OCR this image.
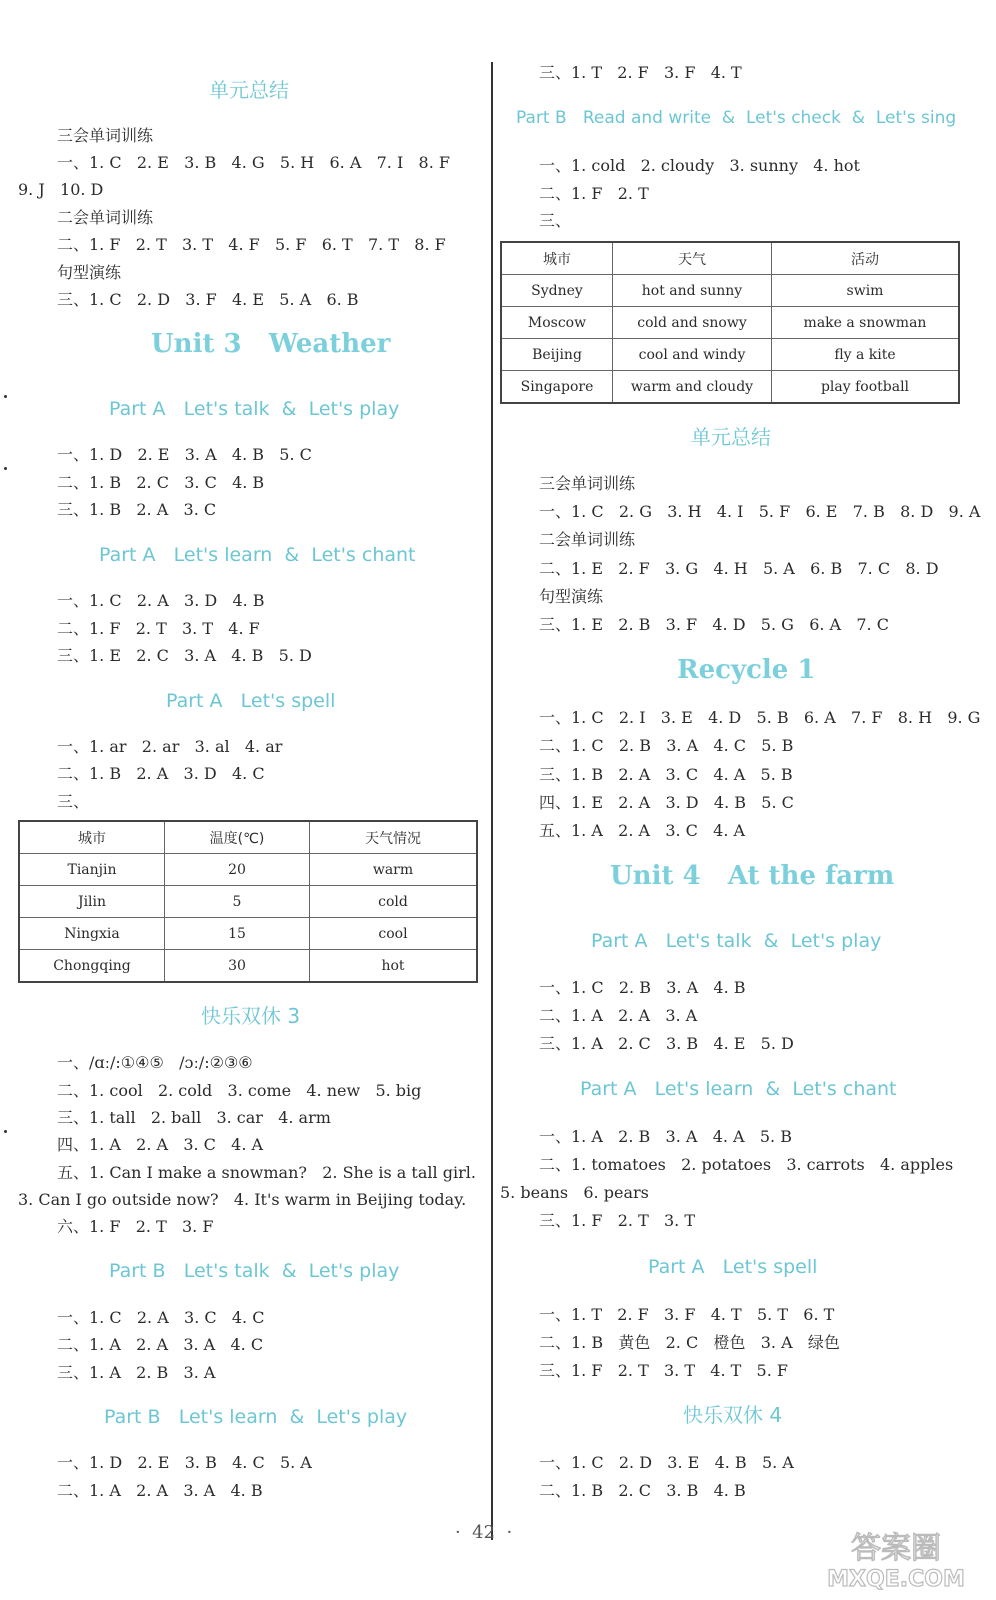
单元总结
三会单词训练
一、1. C   2. E   3. B   4. G   5. H   6. A   7. I   8. F
9. J   10. D
二会单词训练
二、1. F   2. T   3. T   4. F   5. F   6. T   7. T   8. F
句型演练
三、1. C   2. D   3. F   4. E   5. A   6. B
Unit 3   Weather
Part A   Let's talk  &  Let's play
一、1. D   2. E   3. A   4. B   5. C
二、1. B   2. C   3. C   4. B
三、1. B   2. A   3. C
Part A   Let's learn  &  Let's chant
一、1. C   2. A   3. D   4. B
二、1. F   2. T   3. T   4. F
三、1. E   2. C   3. A   4. B   5. D
Part A   Let's spell
一、1. ar   2. ar   3. al   4. ar
二、1. B   2. A   3. D   4. C
三、
城市	温度(℃)	天气情况
Tianjin	20	warm
Jilin	5	cold
Ningxia	15	cool
Chongqing	30	hot
快乐双休 3
一、/ɑː/:①④⑤   /ɔː/:②③⑥
二、1. cool   2. cold   3. come   4. new   5. big
三、1. tall   2. ball   3. car   4. arm
四、1. A   2. A   3. C   4. A
五、1. Can I make a snowman?   2. She is a tall girl.
3. Can I go outside now?   4. It's warm in Beijing today.
六、1. F   2. T   3. F
Part B   Let's talk  &  Let's play
一、1. C   2. A   3. C   4. C
二、1. A   2. A   3. A   4. C
三、1. A   2. B   3. A
Part B   Let's learn  &  Let's play
一、1. D   2. E   3. B   4. C   5. A
二、1. A   2. A   3. A   4. B
三、1. T   2. F   3. F   4. T
Part B   Read and write  &  Let's check  &  Let's sing
一、1. cold   2. cloudy   3. sunny   4. hot
二、1. F   2. T
三、
城市	天气	活动
Sydney	hot and sunny	swim
Moscow	cold and snowy	make a snowman
Beijing	cool and windy	fly a kite
Singapore	warm and cloudy	play football
单元总结
三会单词训练
一、1. C   2. G   3. H   4. I   5. F   6. E   7. B   8. D   9. A
二会单词训练
二、1. E   2. F   3. G   4. H   5. A   6. B   7. C   8. D
句型演练
三、1. E   2. B   3. F   4. D   5. G   6. A   7. C
Recycle 1
一、1. C   2. I   3. E   4. D   5. B   6. A   7. F   8. H   9. G
二、1. C   2. B   3. A   4. C   5. B
三、1. B   2. A   3. C   4. A   5. B
四、1. E   2. A   3. D   4. B   5. C
五、1. A   2. A   3. C   4. A
Unit 4   At the farm
Part A   Let's talk  &  Let's play
一、1. C   2. B   3. A   4. B
二、1. A   2. A   3. A
三、1. A   2. C   3. B   4. E   5. D
Part A   Let's learn  &  Let's chant
一、1. A   2. B   3. A   4. A   5. B
二、1. tomatoes   2. potatoes   3. carrots   4. apples
5. beans   6. pears
三、1. F   2. T   3. T
Part A   Let's spell
一、1. T   2. F   3. F   4. T   5. T   6. T
二、1. B   黄色   2. C   橙色   3. A   绿色
三、1. F   2. T   3. T   4. T   5. F
快乐双休 4
一、1. C   2. D   3. E   4. B   5. A
二、1. B   2. C   3. B   4. B
·  42  ·	答案圈
MXQE.COM
